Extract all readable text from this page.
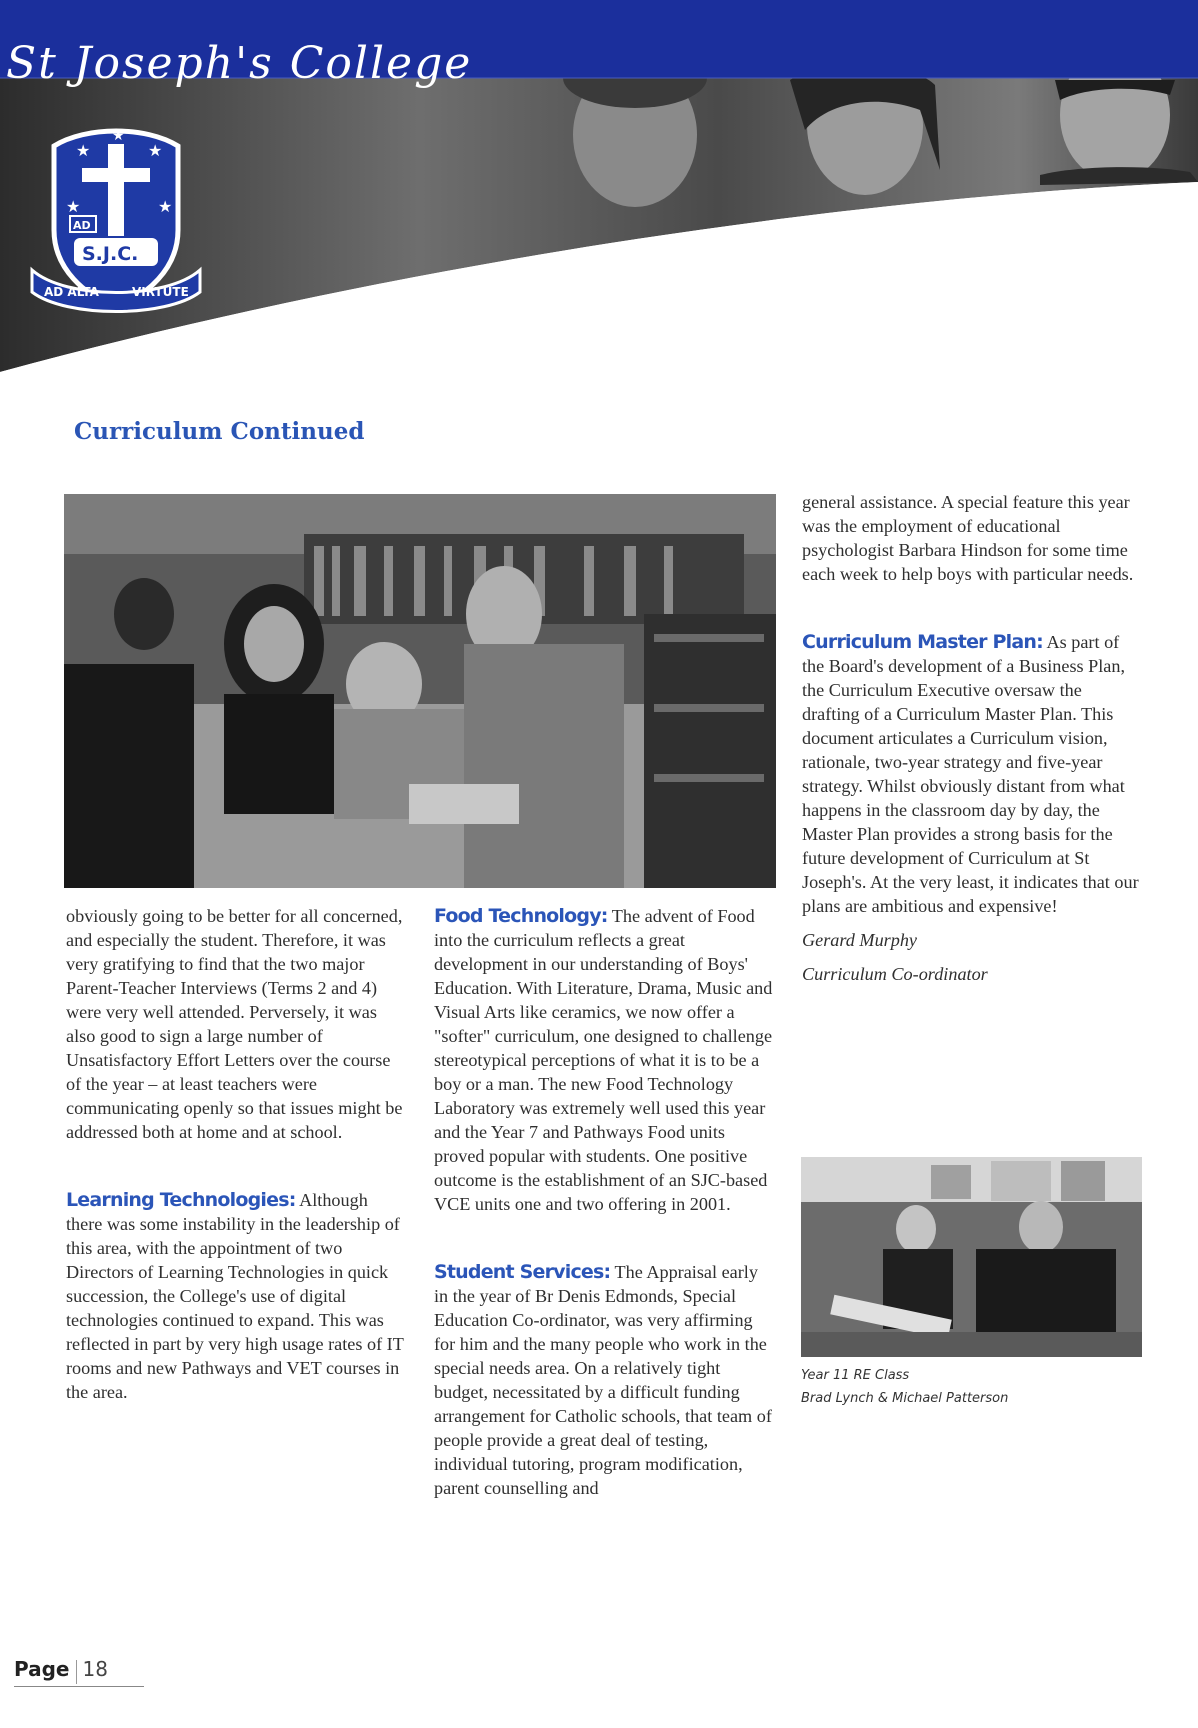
St Joseph's College
★	★
★	★
★
AD
S.J.C.
AD ALTA	VIRTUTE
Curriculum Continued

obviously going to be better for all concerned, and especially the student. Therefore, it was very gratifying to find that the two major Parent-Teacher Interviews (Terms 2 and 4) were very well attended. Perversely, it was also good to sign a large number of Unsatisfactory Effort Letters over the course of the year – at least teachers were communicating openly so that issues might be addressed both at home and at school.

Learning Technologies: Although there was some instability in the leadership of this area, with the appointment of two Directors of Learning Technologies in quick succession, the College's use of digital technologies continued to expand. This was reflected in part by very high usage rates of IT rooms and new Pathways and VET courses in the area.

Food Technology: The advent of Food into the curriculum reflects a great development in our understanding of Boys' Education. With Literature, Drama, Music and Visual Arts like ceramics, we now offer a "softer" curriculum, one designed to challenge stereotypical perceptions of what it is to be a boy or a man. The new Food Technology Laboratory was extremely well used this year and the Year 7 and Pathways Food units proved popular with students. One positive outcome is the establishment of an SJC-based VCE units one and two offering in 2001.

Student Services: The Appraisal early in the year of Br Denis Edmonds, Special Education Co-ordinator, was very affirming for him and the many people who work in the special needs area. On a relatively tight budget, necessitated by a difficult funding arrangement for Catholic schools, that team of people provide a great deal of testing, individual tutoring, program modification, parent counselling and

general assistance. A special feature this year was the employment of educational psychologist Barbara Hindson for some time each week to help boys with particular needs.

Curriculum Master Plan: As part of the Board's development of a Business Plan, the Curriculum Executive oversaw the drafting of a Curriculum Master Plan. This document articulates a Curriculum vision, rationale, two-year strategy and five-year strategy. Whilst obviously distant from what happens in the classroom day by day, the Master Plan provides a strong basis for the future development of Curriculum at St Joseph's. At the very least, it indicates that our plans are ambitious and expensive!

Gerard Murphy

Curriculum Co-ordinator

Year 11 RE Class
Brad Lynch & Michael Patterson
Page 18
